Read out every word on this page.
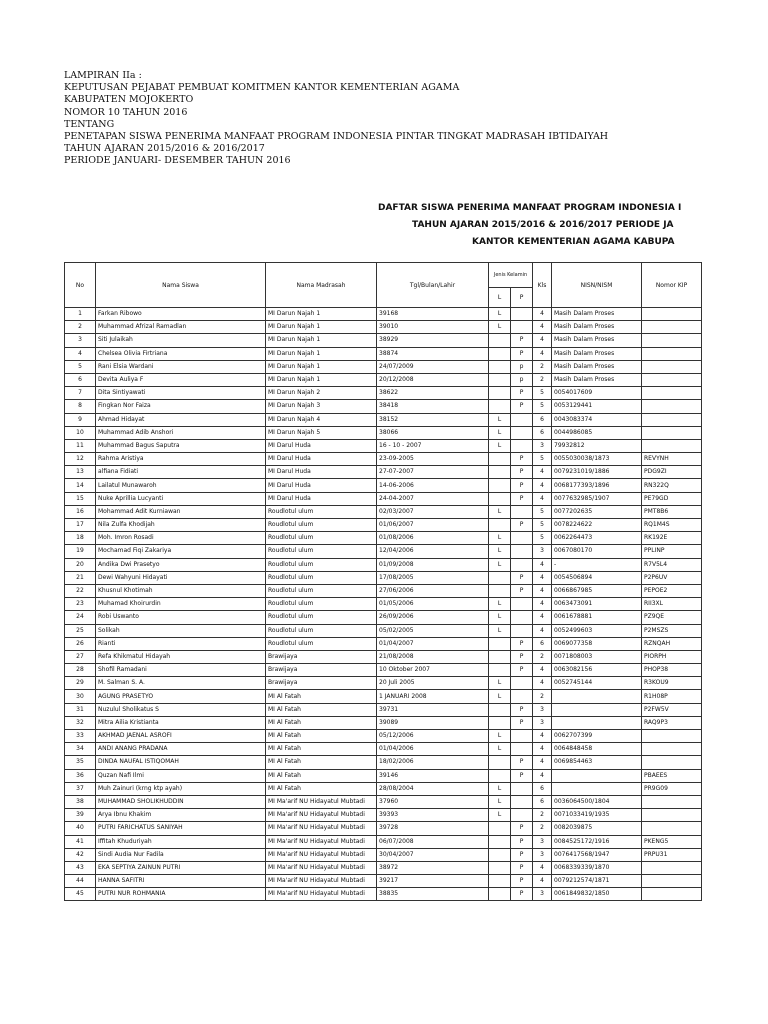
LAMPIRAN IIa :
KEPUTUSAN PEJABAT PEMBUAT KOMITMEN KANTOR KEMENTERIAN AGAMA
KABUPATEN MOJOKERTO
NOMOR 10 TAHUN 2016
TENTANG
PENETAPAN SISWA PENERIMA MANFAAT PROGRAM INDONESIA PINTAR TINGKAT MADRASAH IBTIDAIYAH
TAHUN AJARAN 2015/2016 & 2016/2017
PERIODE JANUARI- DESEMBER TAHUN 2016
DAFTAR SISWA PENERIMA MANFAAT PROGRAM INDONESIA I
TAHUN AJARAN 2015/2016 & 2016/2017 PERIODE JA
KANTOR KEMENTERIAN AGAMA KABUPA
No	Nama Siswa	Nama Madrasah	Tgl/Bulan/Lahir	Jenis Kelamin		Kls	NISN/NISM	Nomor KIP
				L	P			
1	Farkan Ribowo	MI Darun Najah 1	39168	L		4	Masih Dalam Proses	
2	Muhammad Afrizal Ramadlan	MI Darun Najah 1	39010	L		4	Masih Dalam Proses	
3	Siti Julaikah	MI Darun Najah 1	38929		P	4	Masih Dalam Proses	
4	Chelsea Olivia Firtriana	MI Darun Najah 1	38874		P	4	Masih Dalam Proses	
5	Rani Elsia Wardani	MI Darun Najah 1	24/07/2009		p	2	Masih Dalam Proses	
6	Devita Auliya F	MI Darun Najah 1	20/12/2008		p	2	Masih Dalam Proses	
7	Dita Sintiyawati	MI Darun Najah 2	38622		P	5	0054017609	
8	Fingkan Nor Faiza	MI Darun Najah 3	38418		P	5	0053129441	
9	Ahmad Hidayat	MI Darun Najah 4	38152	L		6	0043083374	
10	Muhammad Adib Anshori	MI Darun Najah 5	38066	L		6	0044986085	
11	Muhammad Bagus Saputra	MI Darul Huda	16 - 10 - 2007	L		3	79932812	
12	Rahma Aristiya	MI Darul Huda	23-09-2005		P	5	0055030038/1873	REVYNH
13	alfiana Fidiati	MI Darul Huda	27-07-2007		P	4	0079231019/1886	PDG9ZI
14	Lailatul Munawaroh	MI Darul Huda	14-06-2006		P	4	0068177393/1896	RN322Q
15	Nuke Aprillia Lucyanti	MI Darul Huda	24-04-2007		P	4	0077632985/1907	PE79GD
16	Mohammad Adit Kurniawan	Roudlotul ulum	02/03/2007	L		5	0077202635	PMT8B6
17	Nila Zulfa Khodijah	Roudlotul ulum	01/06/2007		P	5	0078224622	RQ1M4S
18	Moh. Imron Rosadi	Roudlotul ulum	01/08/2006	L		5	0062264473	RK192E
19	Mochamad Fiqi Zakariya	Roudlotul ulum	12/04/2006	L		3	0067080170	PPLINP
20	Andika Dwi Prasetyo	Roudlotul ulum	01/09/2008	L		4	-	R7V5L4
21	Dewi Wahyuni Hidayati	Roudlotul ulum	17/08/2005		P	4	0054506894	P2P6UV
22	Khusnul Khotimah	Roudlotul ulum	27/06/2006		P	4	0066867985	PEPOE2
23	Muhamad Khoirurdin	Roudlotul ulum	01/05/2006	L		4	0063473091	RII3XL
24	Robi Uswanto	Roudlotul ulum	26/09/2006	L		4	0061678881	PZ9QE
25	Solikah	Roudlotul ulum	05/02/2005	L		4	0052499603	P2MSZS
26	Rianti	Roudlotul ulum	01/04/2007		P	6	0069077358	RZNQAH
27	Refa Khikmatul Hidayah	Brawijaya	21/08/2008		P	2	0071808003	PIORPH
28	Shofil Ramadani	Brawijaya	10 Oktober 2007		P	4	0063082156	PHOP38
29	M. Salman S. A.	Brawijaya	20 Juli 2005	L		4	0052745144	R3KOU9
30	AGUNG PRASETYO	MI Al Fatah	1 JANUARI 2008	L		2		R1H08P
31	Nuzulul Sholikatus S	MI Al Fatah	39731		P	3		P2FW5V
32	Mitra Ailia Kristianta	MI Al Fatah	39089		P	3		RAQ9P3
33	AKHMAD JAENAL ASROFI	MI Al Fatah	05/12/2006	L		4	0062707399	
34	ANDI ANANG PRADANA	MI Al Fatah	01/04/2006	L		4	0064848458	
35	DINDA NAUFAL ISTIQOMAH	MI Al Fatah	18/02/2006		P	4	0069854463	
36	Quzan Nafi Ilmi	MI Al Fatah	39146		P	4		PBAEES
37	Muh Zainuri (krng ktp ayah)	MI Al Fatah	28/08/2004	L		6		PR9G09
38	MUHAMMAD SHOLIKHUDDIN	MI Ma'arif NU Hidayatul Mubtadi	37960	L		6	0036064500/1804	
39	Arya Ibnu Khakim	MI Ma'arif NU Hidayatul Mubtadi	39393	L		2	0071033419/1935	
40	PUTRI FARICHATUS SANIYAH	MI Ma'arif NU Hidayatul Mubtadi	39728		P	2	0082039875	
41	Iffitah Khuduriyah	MI Ma'arif NU Hidayatul Mubtadi	06/07/2008		P	3	0084525172/1916	PKENG5
42	Sindi Audia Nur Fadila	MI Ma'arif NU Hidayatul Mubtadi	30/04/2007		P	3	0076417568/1947	PRPU31
43	EKA SEPTIYA ZAINUN PUTRI	MI Ma'arif NU Hidayatul Mubtadi	38972		P	4	0068339339/1870	
44	HANNA SAFITRI	MI Ma'arif NU Hidayatul Mubtadi	39217		P	4	0079212574/1871	
45	PUTRI NUR ROHMANIA	MI Ma'arif NU Hidayatul Mubtadi	38835		P	3	0061849832/1850	
